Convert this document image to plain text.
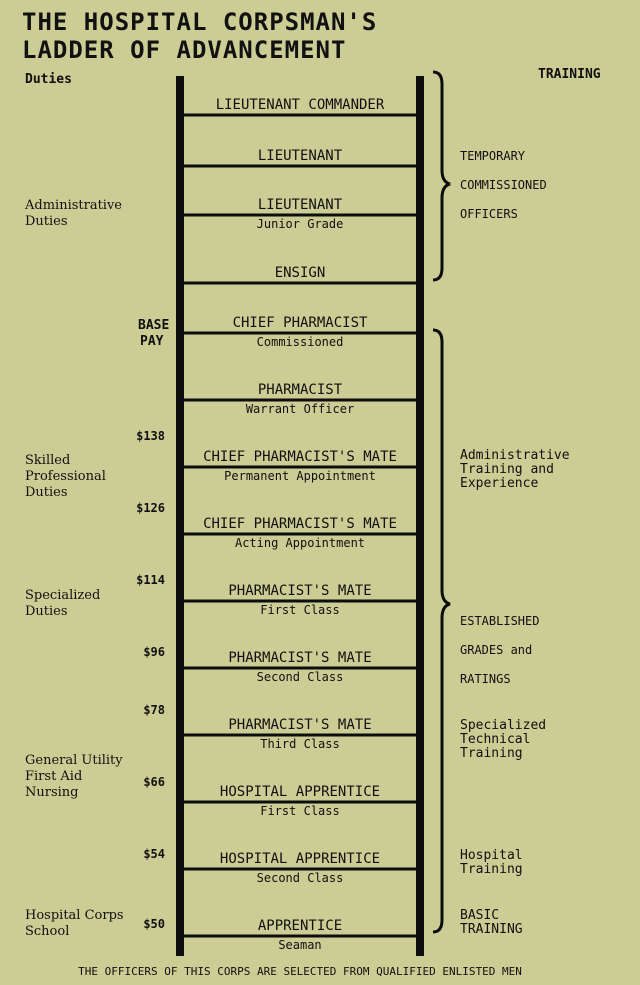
THE HOSPITAL CORPSMAN'S
LADDER OF ADVANCEMENT
Duties	TRAINING
BASE
PAY
LIEUTENANT COMMANDER
LIEUTENANT
LIEUTENANT
Junior Grade
ENSIGN
CHIEF PHARMACIST
Commissioned
PHARMACIST
Warrant Officer
CHIEF PHARMACIST'S MATE
Permanent Appointment
CHIEF PHARMACIST'S MATE
Acting Appointment
PHARMACIST'S MATE
First Class
PHARMACIST'S MATE
Second Class
PHARMACIST'S MATE
Third Class
HOSPITAL APPRENTICE
First Class
HOSPITAL APPRENTICE
Second Class
APPRENTICE
Seaman
$138
$126
$114
$96
$78
$66
$54
$50
Administrative
Duties
Skilled
Professional
Duties
Specialized
Duties
General Utility
First Aid
Nursing
Hospital Corps
School
TEMPORARY
COMMISSIONED
OFFICERS
Administrative
Training and
Experience
ESTABLISHED
GRADES and
RATINGS
Specialized
Technical
Training
Hospital
Training
BASIC
TRAINING
THE OFFICERS OF THIS CORPS ARE SELECTED FROM QUALIFIED ENLISTED MEN
